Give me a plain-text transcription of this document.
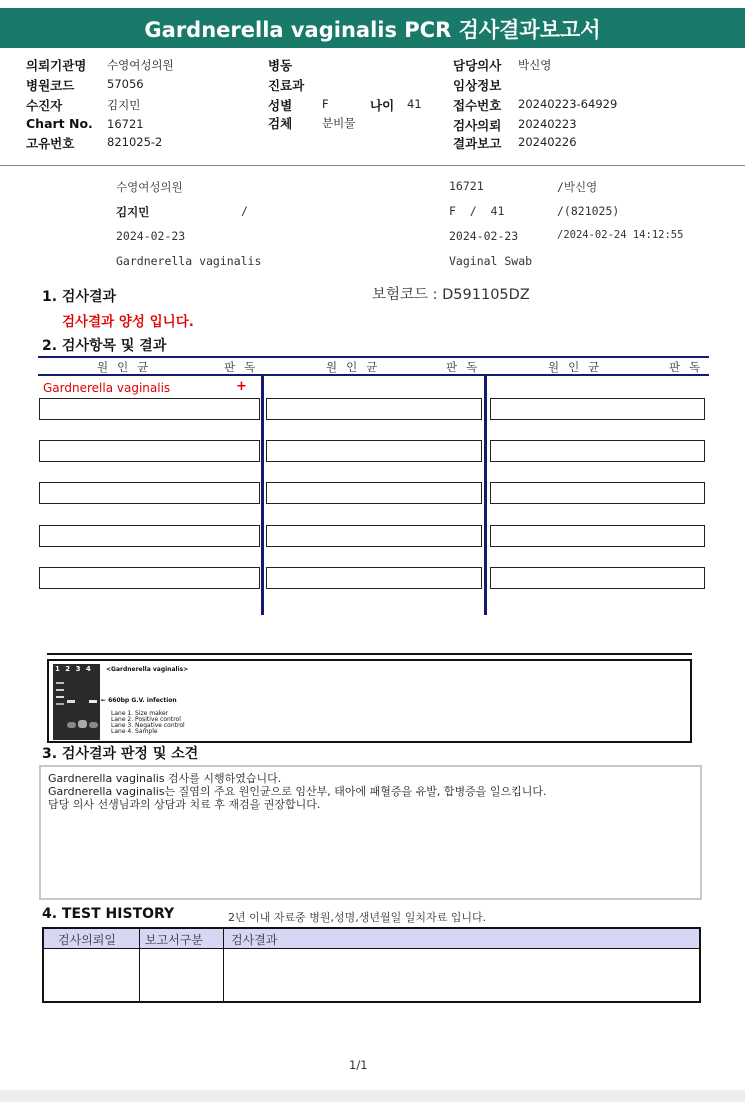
Gardnerella vaginalis PCR 검사결과보고서
의뢰기관명 수영여성의원	병동	담당의사 박신영
병원코드	57056	진료과	임상정보
수진자	김지민	성별	F	나이 41	접수번호 20240223-64929
Chart No. 16721	검체	분비물	검사의뢰 20240223
고유번호	821025-2	결과보고 20240226
수영여성의원	16721	/박신영
김지민	/	F  /  41	/(821025)
2024-02-23	2024-02-23	/2024-02-24 14:12:55
Gardnerella vaginalis	Vaginal Swab
1. 검사결과	보험코드 : D591105DZ
검사결과 양성 입니다.
2. 검사항목 및 결과
원인균	판독	원인균	판독	원인균	판독
Gardnerella vaginalis	+
1 2 3 4	<Gardnerella vaginalis>
← 660bp G.V. infection
Lane 1. Size maker
Lane 2. Positive control
Lane 3. Negative control
Lane 4. Sample
3. 검사결과 판정 및 소견
Gardnerella vaginalis 검사를 시행하였습니다.
Gardnerella vaginalis는 질염의 주요 원인균으로 임산부, 태아에 패혈증을 유발, 합병증을 일으킵니다.
담당 의사 선생님과의 상담과 치료 후 재검을 권장합니다.
4. TEST HISTORY	2년 이내 자료중 병원,성명,생년월일 일치자료 입니다.
검사의뢰일 보고서구분 검사결과
1/1
